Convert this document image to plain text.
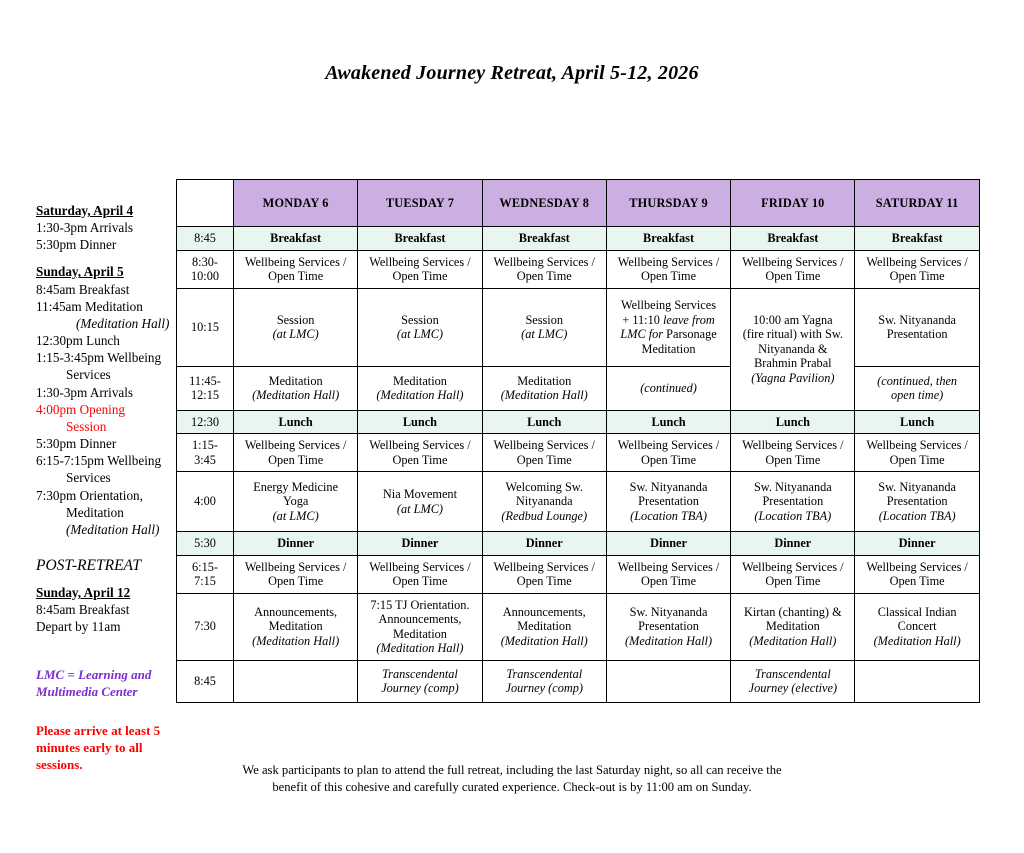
Awakened Journey Retreat, April 5-12, 2026
Saturday, April 4
1:30-3pm Arrivals
5:30pm Dinner
Sunday, April 5
8:45am Breakfast
11:45am Meditation
(Meditation Hall)
12:30pm Lunch
1:15-3:45pm Wellbeing
Services
1:30-3pm Arrivals
4:00pm Opening
Session
5:30pm Dinner
6:15-7:15pm Wellbeing
Services
7:30pm Orientation,
Meditation
(Meditation Hall)
POST-RETREAT
Sunday, April 12
8:45am Breakfast
Depart by 11am
LMC = Learning and
Multimedia Center
Please arrive at least 5
minutes early to all
sessions.
	MONDAY 6	TUESDAY 7	WEDNESDAY 8	THURSDAY 9	FRIDAY 10	SATURDAY 11
8:45	Breakfast	Breakfast	Breakfast	Breakfast	Breakfast	Breakfast

8:30-
10:00	Wellbeing Services /
Open Time	Wellbeing Services /
Open Time	Wellbeing Services /
Open Time	Wellbeing Services /
Open Time	Wellbeing Services /
Open Time	Wellbeing Services /
Open Time

10:15	Session
(at LMC)	Session
(at LMC)	Session
(at LMC)	Wellbeing Services
+ 11:10 leave from
LMC for Parsonage
Meditation	10:00 am Yagna
(fire ritual) with Sw.
Nityananda &
Brahmin Prabal
(Yagna Pavilion)	Sw. Nityananda
Presentation

11:45-
12:15	Meditation
(Meditation Hall)	Meditation
(Meditation Hall)	Meditation
(Meditation Hall)	(continued)		(continued, then
open time)

12:30	Lunch	Lunch	Lunch	Lunch	Lunch	Lunch

1:15-
3:45	Wellbeing Services /
Open Time	Wellbeing Services /
Open Time	Wellbeing Services /
Open Time	Wellbeing Services /
Open Time	Wellbeing Services /
Open Time	Wellbeing Services /
Open Time

4:00	Energy Medicine
Yoga
(at LMC)	Nia Movement
(at LMC)	Welcoming Sw.
Nityananda
(Redbud Lounge)	Sw. Nityananda
Presentation
(Location TBA)	Sw. Nityananda
Presentation
(Location TBA)	Sw. Nityananda
Presentation
(Location TBA)

5:30	Dinner	Dinner	Dinner	Dinner	Dinner	Dinner

6:15-
7:15	Wellbeing Services /
Open Time	Wellbeing Services /
Open Time	Wellbeing Services /
Open Time	Wellbeing Services /
Open Time	Wellbeing Services /
Open Time	Wellbeing Services /
Open Time

7:30	Announcements,
Meditation
(Meditation Hall)	7:15 TJ Orientation.
Announcements,
Meditation
(Meditation Hall)	Announcements,
Meditation
(Meditation Hall)	Sw. Nityananda
Presentation
(Meditation Hall)	Kirtan (chanting) &
Meditation
(Meditation Hall)	Classical Indian
Concert
(Meditation Hall)

8:45		Transcendental
Journey (comp)	Transcendental
Journey (comp)		Transcendental
Journey (elective)	

We ask participants to plan to attend the full retreat, including the last Saturday night, so all can receive the
benefit of this cohesive and carefully curated experience. Check-out is by 11:00 am on Sunday.
